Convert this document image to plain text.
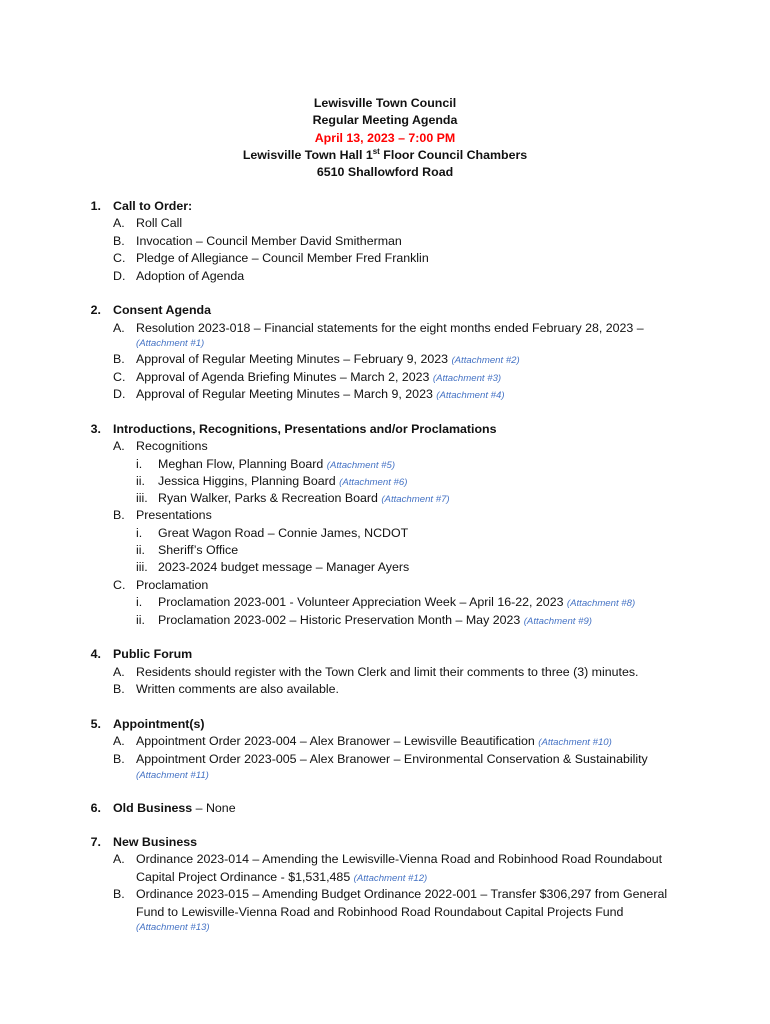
Lewisville Town Council
Regular Meeting Agenda
April 13, 2023 – 7:00 PM
Lewisville Town Hall 1st Floor Council Chambers
6510 Shallowford Road
1. Call to Order:
A. Roll Call
B. Invocation – Council Member David Smitherman
C. Pledge of Allegiance – Council Member Fred Franklin
D. Adoption of Agenda
2. Consent Agenda
A. Resolution 2023-018 – Financial statements for the eight months ended February 28, 2023 –
(Attachment #1)
B. Approval of Regular Meeting Minutes – February 9, 2023 (Attachment #2)
C. Approval of Agenda Briefing Minutes – March 2, 2023 (Attachment #3)
D. Approval of Regular Meeting Minutes – March 9, 2023 (Attachment #4)
3. Introductions, Recognitions, Presentations and/or Proclamations
A. Recognitions
i. Meghan Flow, Planning Board (Attachment #5)
ii. Jessica Higgins, Planning Board (Attachment #6)
iii. Ryan Walker, Parks & Recreation Board (Attachment #7)
B. Presentations
i. Great Wagon Road – Connie James, NCDOT
ii. Sheriff’s Office
iii. 2023-2024 budget message – Manager Ayers
C. Proclamation
i. Proclamation 2023-001 - Volunteer Appreciation Week – April 16-22, 2023 (Attachment #8)
ii. Proclamation 2023-002 – Historic Preservation Month – May 2023 (Attachment #9)
4. Public Forum
A. Residents should register with the Town Clerk and limit their comments to three (3) minutes.
B. Written comments are also available.
5. Appointment(s)
A. Appointment Order 2023-004 – Alex Branower – Lewisville Beautification (Attachment #10)
B. Appointment Order 2023-005 – Alex Branower – Environmental Conservation & Sustainability
(Attachment #11)
6. Old Business – None
7. New Business
A. Ordinance 2023-014 – Amending the Lewisville-Vienna Road and Robinhood Road Roundabout
Capital Project Ordinance - $1,531,485 (Attachment #12)
B. Ordinance 2023-015 – Amending Budget Ordinance 2022-001 – Transfer $306,297 from General
Fund to Lewisville-Vienna Road and Robinhood Road Roundabout Capital Projects Fund
(Attachment #13)
